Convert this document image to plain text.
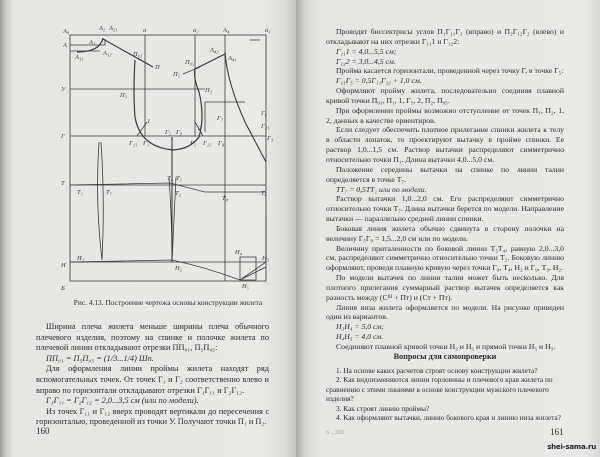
А₀	А₂ А₂₁	а	а₂	А₄	а₁
А	А₁
А₁₁
А₁₂	П₀₁
П
П₀₅
П₅
А₄₂
А₄₁
У
П₁
П₂
Г₇
Г₆
Г₃₁
Г
Г₁₁ Г₁
1
Г₅ Г₉
2
Г₂ Г₁₂ Г₈
Г₃
Т
Т₁	Т₇
Т₄ Т₃
Т₂
Т₈
Т₆
Н
Н₁
Н₂
Н₄
Н₃
Н₅
Б
Рис. 4.13. Построение чертежа основы конструкции жилета

Ширина плеча жилета меньше ширины плеча обычного плечевого изделия, поэтому на спинке и полочке жилета по плечевой линии откладывают отрезки ПП₀₁, П₅П₀₅:

ПП₀₁ = П₅П₀₅ = (1/3...1/4) Шп.

Для оформления линии проймы жилета находят ряд вспомогательных точек. От точек Г₁ и Г₂ соответственно влево и вправо по горизонтали откладывают отрезки Г₁Г₁₁ и Г₂Г₁₂.

Г₁Г₁₁ = Г₂Г₁₂ = 2,0...3,5 см (или по модели).

Из точек Г₁₁ и Г₁₂ вверх проводят вертикали до пересечения с горизонталью, проведенной из точки У. Получают точки П₁ и П₂.

160

Проводят биссектрисы углов П₁Г₁₁Г₁ (вправо) и П₂Г₁₂Г₂ (влево) и откладывают на них отрезки Г₁₁1 и Г₁₂2:

Г₁₁1 = 4,0...5,5 см;

Г₁₂2 = 3,0...4,5 см.

Пройма касается горизонтали, проведенной через точку Г, в точке Г₅:

Г₁₁Г₅ = 0,5Г₁₁Г₁₂ + 1,0 см.

Оформляют пройму жилета, последовательно соединяя плавной кривой точки П₀₁, П₁, 1, Г₅, 2, П₂, П₀₅.

При оформлении проймы возможно отступление от точек П₁, П₂, 1, 2, данных в качестве ориентиров.

Если следует обеспечить плотное прилегание спинки жилета к телу в области лопаток, то проектируют вытачку в пройме спинки. Ее раствор 1,0...1,5 см. Раствор вытачки распределяют симметрично относительно точки П₁. Длина вытачки 4,0...5,0 см.

Положение середины вытачки на спинке по линии талии определяется в точке Т₇.

ТТ₇ = 0,5ТТ₁ или по модели.

Раствор вытачки 1,0...2,0 см. Его распределяют симметрично относительно точки Т₇. Длина вытачки берется по модели. Направление вытачки — параллельно средней линии спинки.

Боковая линия жилета обычно сдвинута в сторону полочки на величину Г₅Г₉ = 1,5...2,0 см или по модели.

Величину приталенности по боковой линии Т₃Т₄, равную 2,0...3,0 см, распределяют симметрично относительно точки Т₂. Боковую линию оформляют, проведя плавную кривую через точки Г₉, Т₄, Н₂ и Г₉, Т₃, Н₂.

По модели вытачек по линии талии может быть несколько. Для плотного прилегания суммарный раствор вытачек определяется как разность между (Сᴵᴵᴵ + Пт) и (Ст + Пт).

Линия низа жилета оформляется по модели. На рисунке приведен один из вариантов.

Н₃Н₄ = 5,0 см;

Н₄Н₅ = 4,0 см.

Соединяют плавной кривой точки Н₂ и Н₅ и прямой точки Н₅ и Н₃.

Вопросы для самопроверки

1. На основе каких расчетов строят основу конструкции жилета?

2. Как видоизменяются линии горловины и плечевого края жилета по сравнению с этими линиями в основе конструкции мужского плечевого изделия?

3. Как строят линию проймы?

4. Как оформляют вытачки, линию бокового края и линию низа жилета?

6 ...333	161
shei-sama.ru
